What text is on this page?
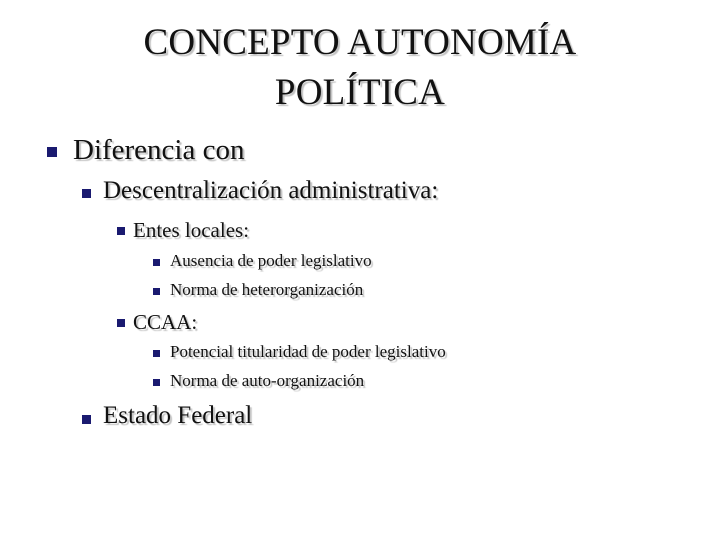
CONCEPTO AUTONOMÍA
POLÍTICA
Diferencia con
Descentralización administrativa:
Entes locales:
Ausencia de poder legislativo
Norma de heterorganización
CCAA:
Potencial titularidad de poder legislativo
Norma de auto-organización
Estado Federal
